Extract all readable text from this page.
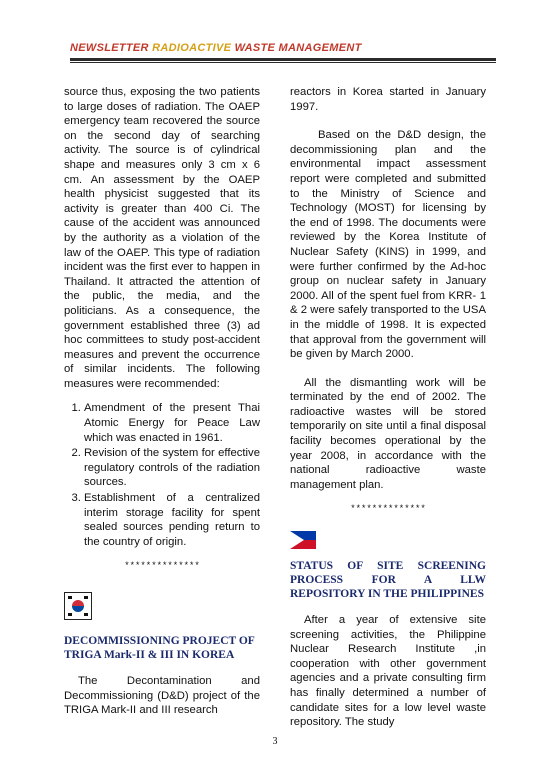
NEWSLETTER RADIOACTIVE WASTE MANAGEMENT

source thus, exposing the two patients to large doses of radiation. The OAEP emergency team recovered the source on the second day of searching activity. The source is of cylindrical shape and measures only 3 cm x 6 cm. An assessment by the OAEP health physicist suggested that its activity is greater than 400 Ci. The cause of the accident was announced by the authority as a violation of the law of the OAEP. This type of radiation incident was the first ever to happen in Thailand. It attracted the attention of the public, the media, and the politicians. As a consequence, the government established three (3) ad hoc committees to study post-accident measures and prevent the occurrence of similar incidents. The following measures were recommended:

1. Amendment of the present Thai Atomic Energy for Peace Law which was enacted in 1961.
2. Revision of the system for effective regulatory controls of the radiation sources.
3. Establishment of a centralized interim storage facility for spent sealed sources pending return to the country of origin.
**************
DECOMMISSIONING PROJECT OF TRIGA Mark-II & III IN KOREA

The Decontamination and Decommissioning (D&D) project of the TRIGA Mark-II and III research

reactors in Korea started in January 1997.

Based on the D&D design, the decommissioning plan and the environmental impact assessment report were completed and submitted to the Ministry of Science and Technology (MOST) for licensing by the end of 1998. The documents were reviewed by the Korea Institute of Nuclear Safety (KINS) in 1999, and were further confirmed by the Ad-hoc group on nuclear safety in January 2000. All of the spent fuel from KRR- 1 & 2 were safely transported to the USA in the middle of 1998. It is expected that approval from the government will be given by March 2000.

All the dismantling work will be terminated by the end of 2002. The radioactive wastes will be stored temporarily on site until a final disposal facility becomes operational by the year 2008, in accordance with the national radioactive waste management plan.

**************
STATUS OF SITE SCREENING PROCESS FOR A LLW REPOSITORY IN THE PHILIPPINES

After a year of extensive site screening activities, the Philippine Nuclear Research Institute ,in cooperation with other government agencies and a private consulting firm has finally determined a number of candidate sites for a low level waste repository. The study

3
